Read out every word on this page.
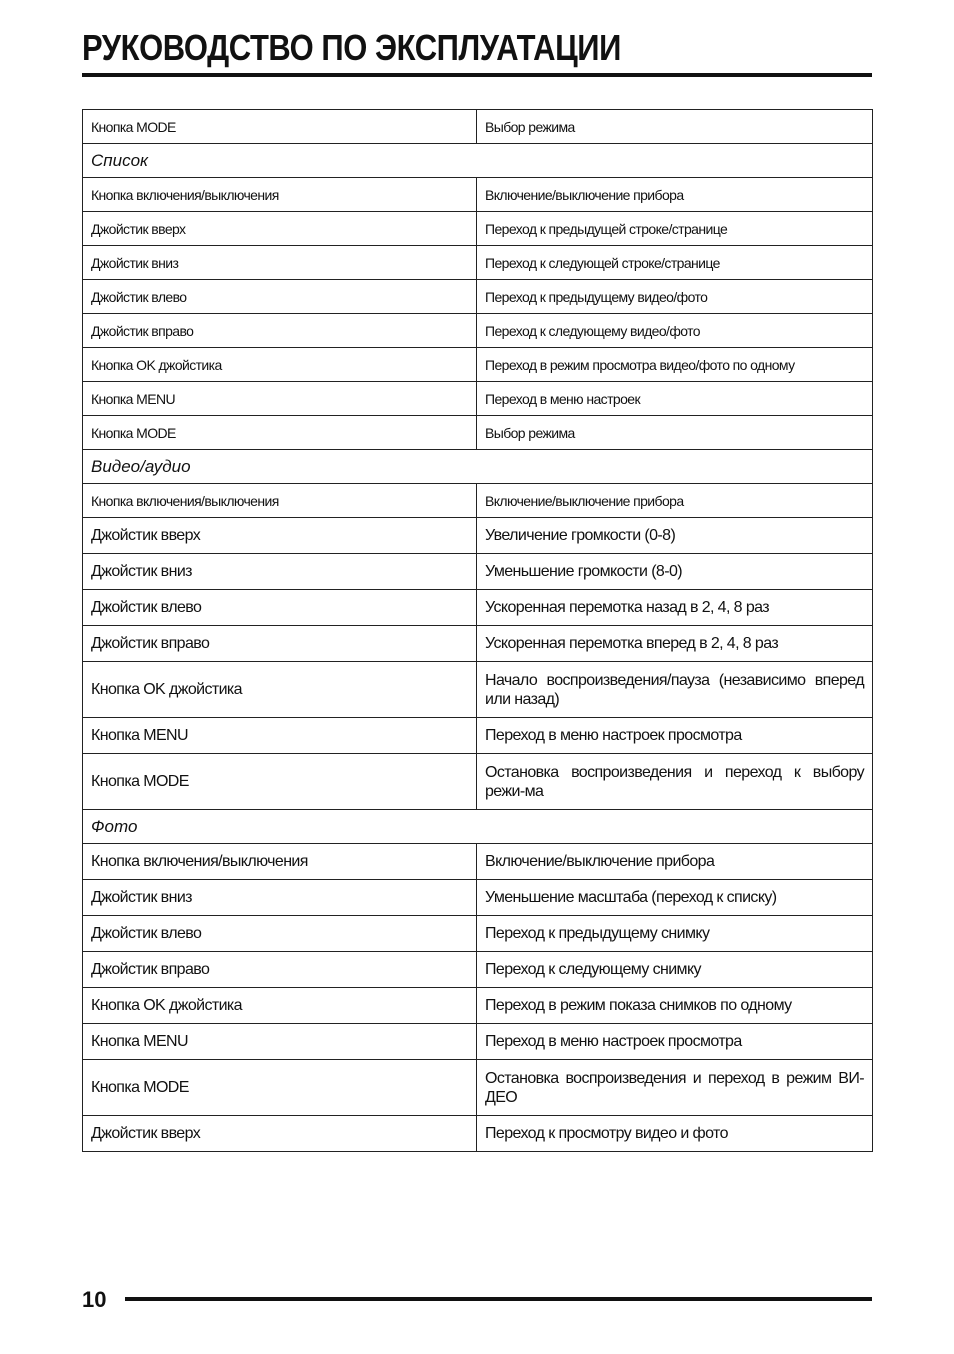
РУКОВОДСТВО ПО ЭКСПЛУАТАЦИИ
Кнопка MODE	Выбор режима
Список	
Кнопка включения/выключения	Включение/выключение прибора
Джойстик вверх	Переход к предыдущей строке/странице
Джойстик вниз	Переход к следующей строке/странице
Джойстик влево	Переход к предыдущему видео/фото
Джойстик вправо	Переход к следующему видео/фото
Кнопка OK джойстика	Переход в режим просмотра видео/фото по одному
Кнопка MENU	Переход в меню настроек
Кнопка MODE	Выбор режима
Видео/аудио	
Кнопка включения/выключения	Включение/выключение прибора
Джойстик вверх	Увеличение громкости (0-8)
Джойстик вниз	Уменьшение громкости (8-0)
Джойстик влево	Ускоренная перемотка назад в 2, 4, 8 раз
Джойстик вправо	Ускоренная перемотка вперед в 2, 4, 8 раз
Кнопка OK джойстика	Начало воспроизведения/пауза (независимо вперед или назад)
Кнопка MENU	Переход в меню настроек просмотра
Кнопка MODE	Остановка воспроизведения и переход к выбору режи-ма
Фото	
Кнопка включения/выключения	Включение/выключение прибора
Джойстик вниз	Уменьшение масштаба (переход к списку)
Джойстик влево	Переход к предыдущему снимку
Джойстик вправо	Переход к следующему снимку
Кнопка OK джойстика	Переход в режим показа снимков по одному
Кнопка MENU	Переход в меню настроек просмотра
Кнопка MODE	Остановка воспроизведения и переход в режим ВИ-ДЕО
Джойстик вверх	Переход к просмотру видео и фото
10
